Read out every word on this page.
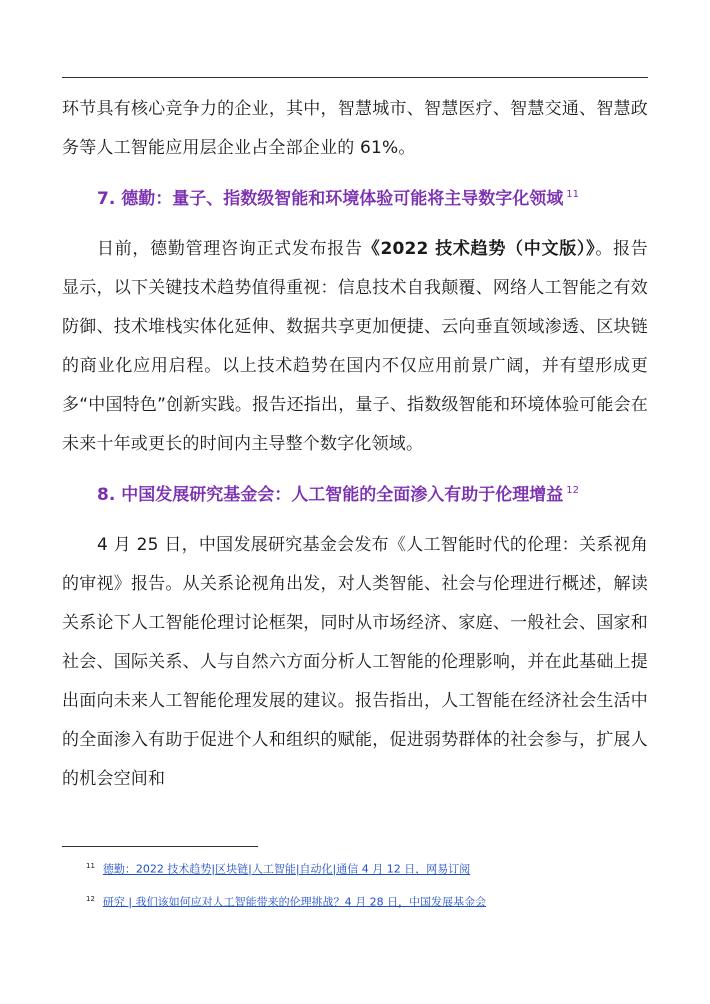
环节具有核心竞争力的企业，其中，智慧城市、智慧医疗、智慧交通、智慧政务等人工智能应用层企业占全部企业的 61%。

7. 德勤：量子、指数级智能和环境体验可能将主导数字化领域 $^{11}$

日前，德勤管理咨询正式发布报告《2022 技术趋势（中文版）》。报告显示，以下关键技术趋势值得重视：信息技术自我颠覆、网络人工智能之有效防御、技术堆栈实体化延伸、数据共享更加便捷、云向垂直领域渗透、区块链的商业化应用启程。以上技术趋势在国内不仅应用前景广阔，并有望形成更多“中国特色”创新实践。报告还指出，量子、指数级智能和环境体验可能会在未来十年或更长的时间内主导整个数字化领域。

8. 中国发展研究基金会：人工智能的全面渗入有助于伦理增益 $^{12}$

4 月 25 日，中国发展研究基金会发布《人工智能时代的伦理：关系视角的审视》报告。从关系论视角出发，对人类智能、社会与伦理进行概述，解读关系论下人工智能伦理讨论框架，同时从市场经济、家庭、一般社会、国家和社会、国际关系、人与自然六方面分析人工智能的伦理影响，并在此基础上提出面向未来人工智能伦理发展的建议。报告指出，人工智能在经济社会生活中的全面渗入有助于促进个人和组织的赋能，促进弱势群体的社会参与，扩展人的机会空间和

$^{11}$ 德勤：2022 技术趋势|区块链|人工智能|自动化|通信 4 月 12 日，网易订阅
$^{12}$ 研究 | 我们该如何应对人工智能带来的伦理挑战？4 月 28 日，中国发展基金会
